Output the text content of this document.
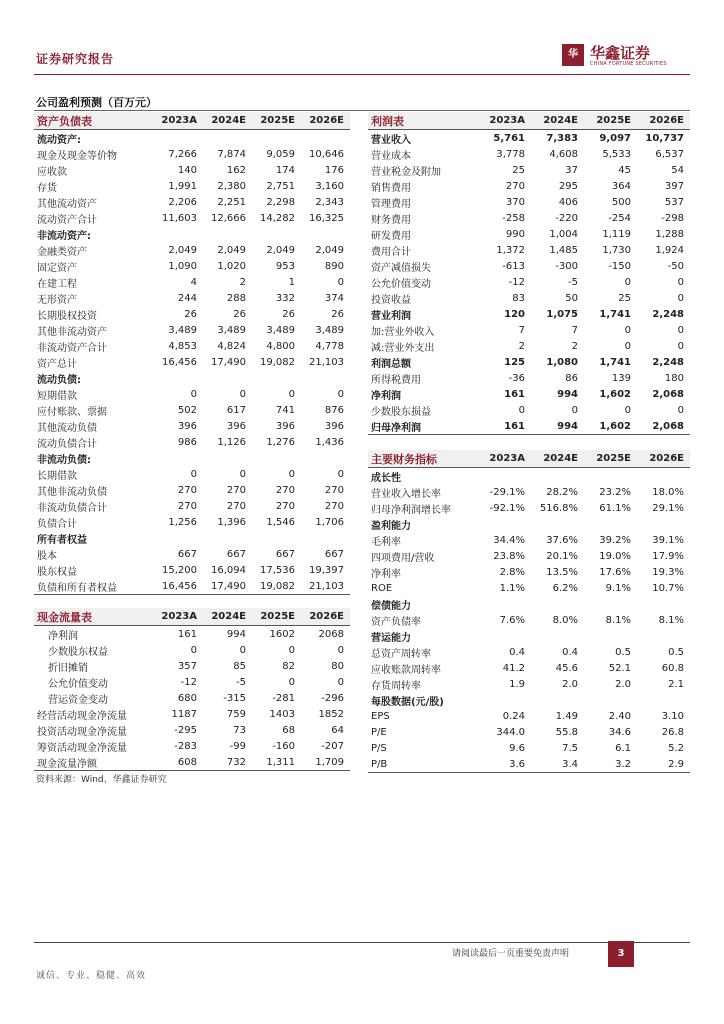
证券研究报告	华 华鑫证券
CHINA FORTUNE SECURITIES
公司盈利预测（百万元）
资产负债表	2023A	2024E	2025E	2026E
流动资产:				
现金及现金等价物	7,266	7,874	9,059	10,646
应收款	140	162	174	176
存货	1,991	2,380	2,751	3,160
其他流动资产	2,206	2,251	2,298	2,343
流动资产合计	11,603	12,666	14,282	16,325
非流动资产:				
金融类资产	2,049	2,049	2,049	2,049
固定资产	1,090	1,020	953	890
在建工程	4	2	1	0
无形资产	244	288	332	374
长期股权投资	26	26	26	26
其他非流动资产	3,489	3,489	3,489	3,489
非流动资产合计	4,853	4,824	4,800	4,778
资产总计	16,456	17,490	19,082	21,103
流动负债:				
短期借款	0	0	0	0
应付账款、票据	502	617	741	876
其他流动负债	396	396	396	396
流动负债合计	986	1,126	1,276	1,436
非流动负债:				
长期借款	0	0	0	0
其他非流动负债	270	270	270	270
非流动负债合计	270	270	270	270
负债合计	1,256	1,396	1,546	1,706
所有者权益				
股本	667	667	667	667
股东权益	15,200	16,094	17,536	19,397
负债和所有者权益	16,456	17,490	19,082	21,103
利润表	2023A	2024E	2025E	2026E
营业收入	5,761	7,383	9,097	10,737
营业成本	3,778	4,608	5,533	6,537
营业税金及附加	25	37	45	54
销售费用	270	295	364	397
管理费用	370	406	500	537
财务费用	-258	-220	-254	-298
研发费用	990	1,004	1,119	1,288
费用合计	1,372	1,485	1,730	1,924
资产减值损失	-613	-300	-150	-50
公允价值变动	-12	-5	0	0
投资收益	83	50	25	0
营业利润	120	1,075	1,741	2,248
加:营业外收入	7	7	0	0
减:营业外支出	2	2	0	0
利润总额	125	1,080	1,741	2,248
所得税费用	-36	86	139	180
净利润	161	994	1,602	2,068
少数股东损益	0	0	0	0
归母净利润	161	994	1,602	2,068
主要财务指标	2023A	2024E	2025E	2026E
成长性				
营业收入增长率	-29.1%	28.2%	23.2%	18.0%
归母净利润增长率	-92.1%	516.8%	61.1%	29.1%
盈利能力				
毛利率	34.4%	37.6%	39.2%	39.1%
四项费用/营收	23.8%	20.1%	19.0%	17.9%
净利率	2.8%	13.5%	17.6%	19.3%
ROE	1.1%	6.2%	9.1%	10.7%
偿债能力				
资产负债率	7.6%	8.0%	8.1%	8.1%
营运能力				
总资产周转率	0.4	0.4	0.5	0.5
应收账款周转率	41.2	45.6	52.1	60.8
存货周转率	1.9	2.0	2.0	2.1
每股数据(元/股)				
EPS	0.24	1.49	2.40	3.10
P/E	344.0	55.8	34.6	26.8
P/S	9.6	7.5	6.1	5.2
P/B	3.6	3.4	3.2	2.9
现金流量表	2023A	2024E	2025E	2026E
净利润	161	994	1602	2068
少数股东权益	0	0	0	0
折旧摊销	357	85	82	80
公允价值变动	-12	-5	0	0
营运资金变动	680	-315	-281	-296
经营活动现金净流量	1187	759	1403	1852
投资活动现金净流量	-295	73	68	64
筹资活动现金净流量	-283	-99	-160	-207
现金流量净额	608	732	1,311	1,709
资料来源：Wind、华鑫证券研究
请阅读最后一页重要免责声明	3
诚信、专业、稳健、高效
